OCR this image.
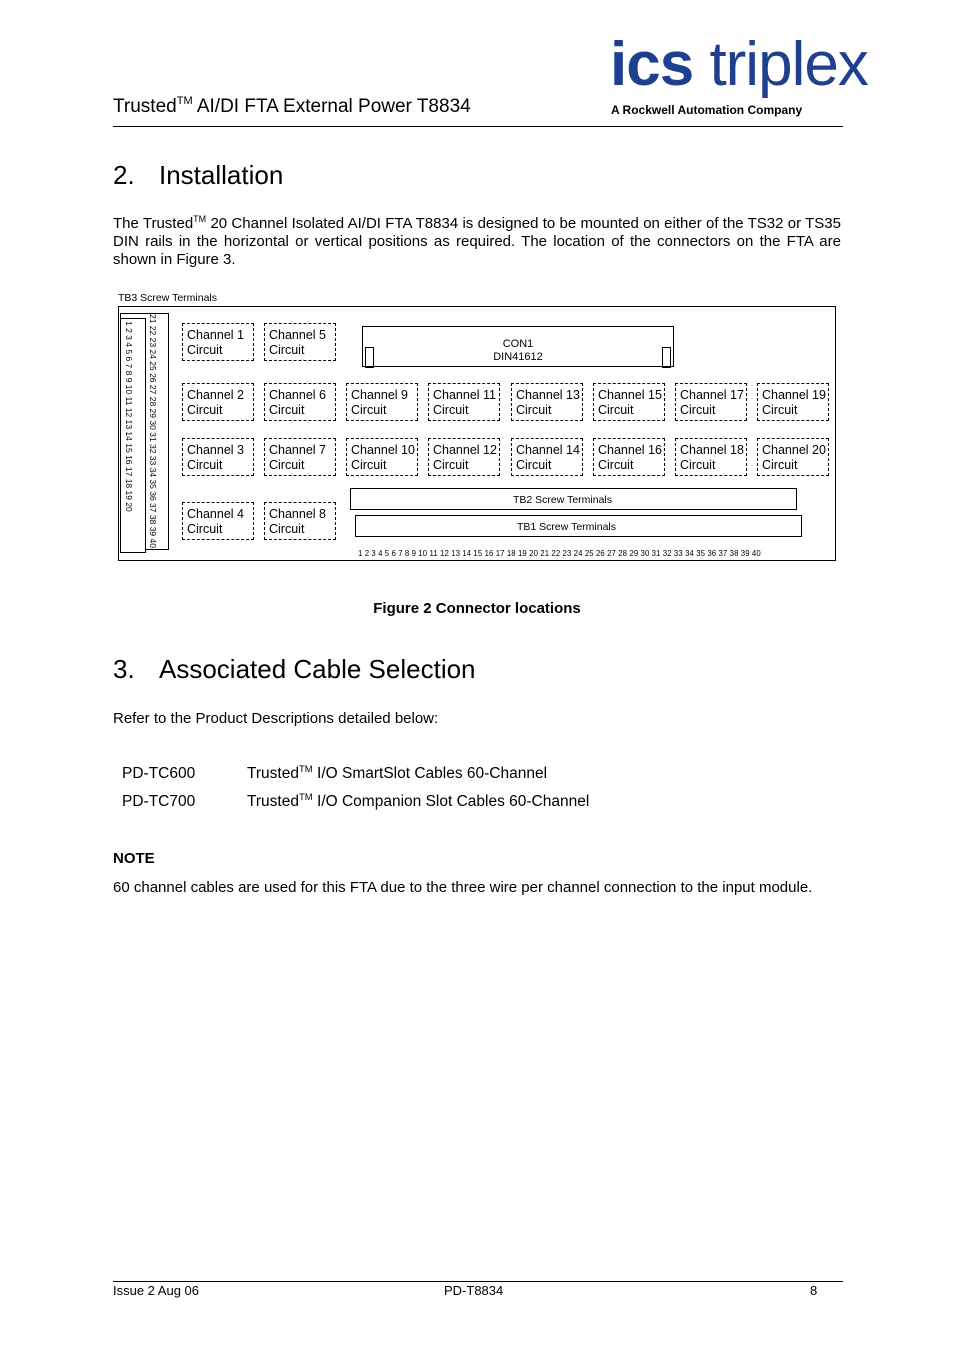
Trusted™ AI/DI FTA External Power T8834
ics triplex
A Rockwell Automation Company
2. Installation
The Trusted™ 20 Channel Isolated AI/DI FTA T8834 is designed to be mounted on either of the TS32 or TS35 DIN rails in the horizontal or vertical positions as required. The location of the connectors on the FTA are shown in Figure 3.
TB3 Screw Terminals
1 2 3 4 5 6 7 8 9 10 11 12 13 14 15 16 17 18 19 20 21 22 23 24 25 26 27 28 29 30 31 32 33 34 35 36 37 38 39 40 Channel 1
Circuit
Channel 5
Circuit
Channel 2
Circuit
Channel 6
Circuit
Channel 9
Circuit
Channel 11
Circuit
Channel 13
Circuit
Channel 15
Circuit
Channel 17
Circuit
Channel 19
Circuit
Channel 3
Circuit
Channel 7
Circuit
Channel 10
Circuit
Channel 12
Circuit
Channel 14
Circuit
Channel 16
Circuit
Channel 18
Circuit
Channel 20
Circuit
Channel 4
Circuit
Channel 8
Circuit
CON1
DIN41612
TB2 Screw Terminals
TB1 Screw Terminals
1 2 3 4 5 6 7 8 9 10 11 12 13 14 15 16 17 18 19 20 21 22 23 24 25 26 27 28 29 30 31 32 33 34 35 36 37 38 39 40
Figure 2 Connector locations
3. Associated Cable Selection
Refer to the Product Descriptions detailed below:
PD-TC600	Trusted™ I/O SmartSlot Cables 60-Channel
PD-TC700	Trusted™ I/O Companion Slot Cables 60-Channel
NOTE
60 channel cables are used for this FTA due to the three wire per channel connection to the input module.
Issue 2 Aug 06	PD-T8834	8
